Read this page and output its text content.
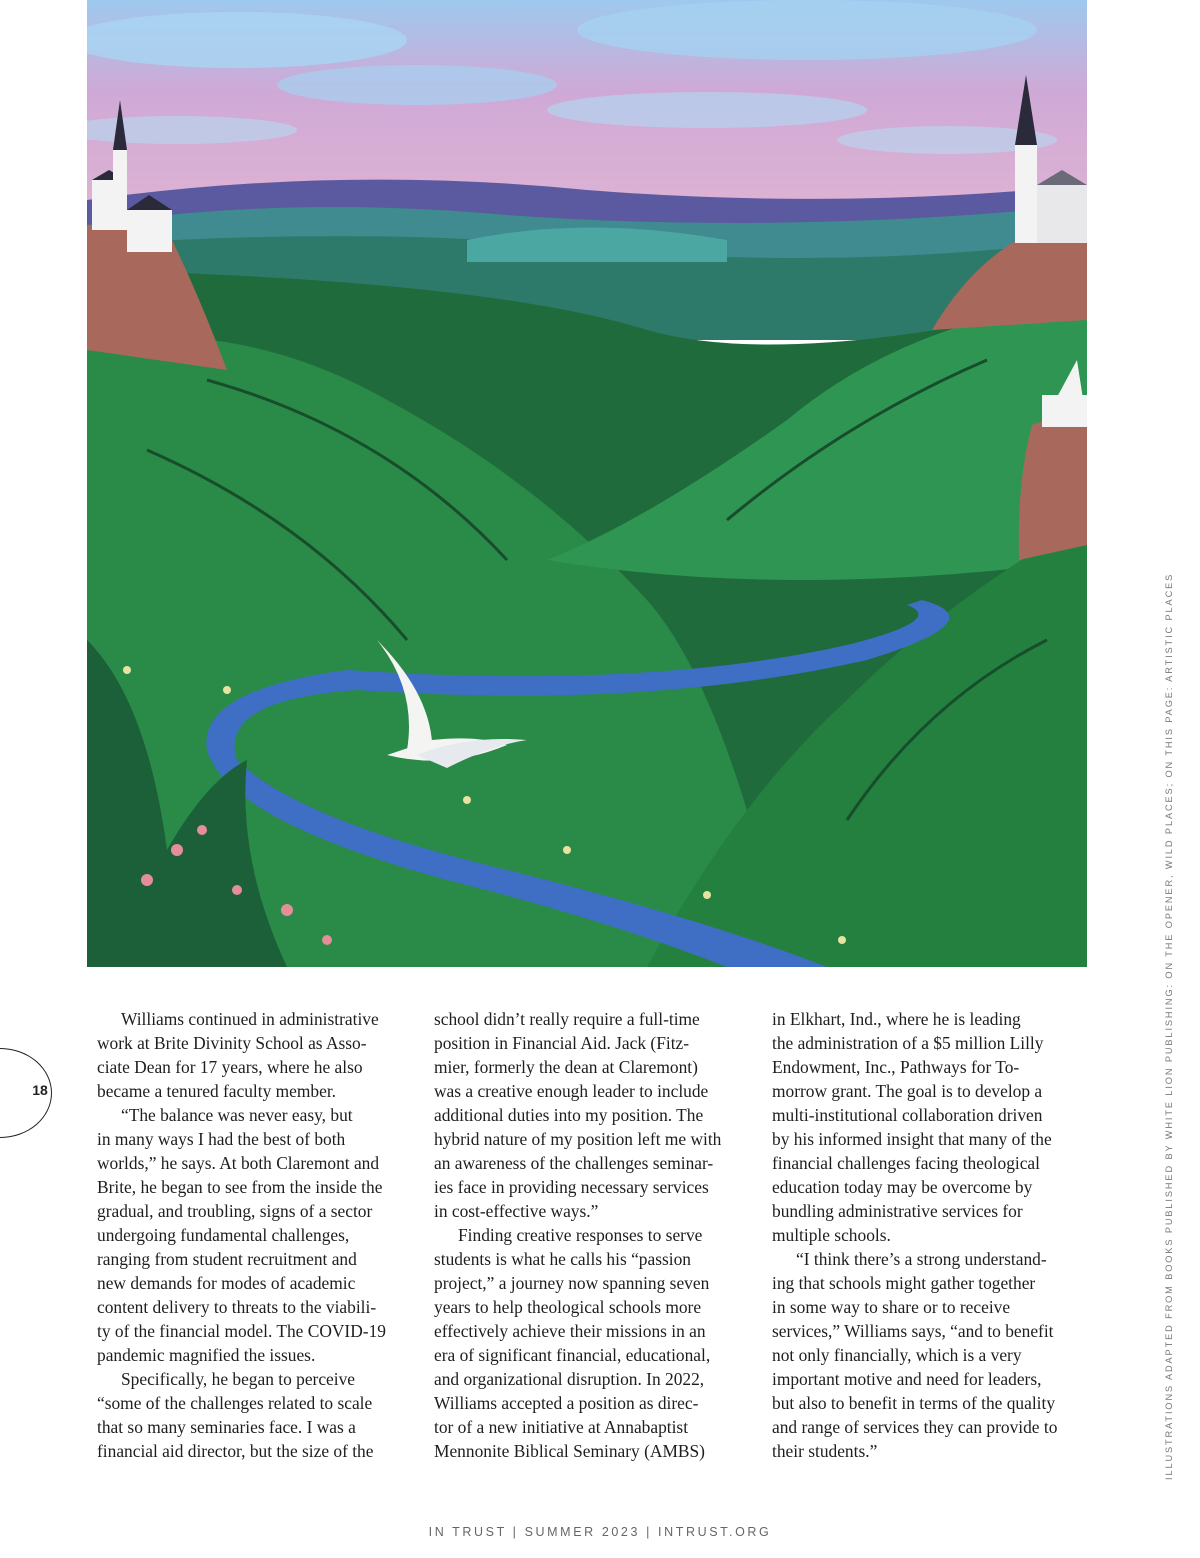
Williams continued in administrative
work at Brite Divinity School as Asso-
ciate Dean for 17 years, where he also
became a tenured faculty member.

“The balance was never easy, but
in many ways I had the best of both
worlds,” he says. At both Claremont and
Brite, he began to see from the inside the
gradual, and troubling, signs of a sector
undergoing fundamental challenges,
ranging from student recruitment and
new demands for modes of academic
content delivery to threats to the viabili-
ty of the financial model. The COVID-19
pandemic magnified the issues.

Specifically, he began to perceive
“some of the challenges related to scale
that so many seminaries face. I was a
financial aid director, but the size of the

school didn’t really require a full-time
position in Financial Aid. Jack (Fitz-
mier, formerly the dean at Claremont)
was a creative enough leader to include
additional duties into my position. The
hybrid nature of my position left me with
an awareness of the challenges seminar-
ies face in providing necessary services
in cost-effective ways.”

Finding creative responses to serve
students is what he calls his “passion
project,” a journey now spanning seven
years to help theological schools more
effectively achieve their missions in an
era of significant financial, educational,
and organizational disruption. In 2022,
Williams accepted a position as direc-
tor of a new initiative at Annabaptist
Mennonite Biblical Seminary (AMBS)

in Elkhart, Ind., where he is leading
the administration of a $5 million Lilly
Endowment, Inc., Pathways for To-
morrow grant. The goal is to develop a
multi-institutional collaboration driven
by his informed insight that many of the
financial challenges facing theological
education today may be overcome by
bundling administrative services for
multiple schools.

“I think there’s a strong understand-
ing that schools might gather together
in some way to share or to receive
services,” Williams says, “and to benefit
not only financially, which is a very
important motive and need for leaders,
but also to benefit in terms of the quality
and range of services they can provide to
their students.”

18
IN TRUST | SUMMER 2023 | INTRUST.ORG
ILLUSTRATIONS ADAPTED FROM BOOKS PUBLISHED BY WHITE LION PUBLISHING: ON THE OPENER, WILD PLACES; ON THIS PAGE: ARTISTIC PLACES
